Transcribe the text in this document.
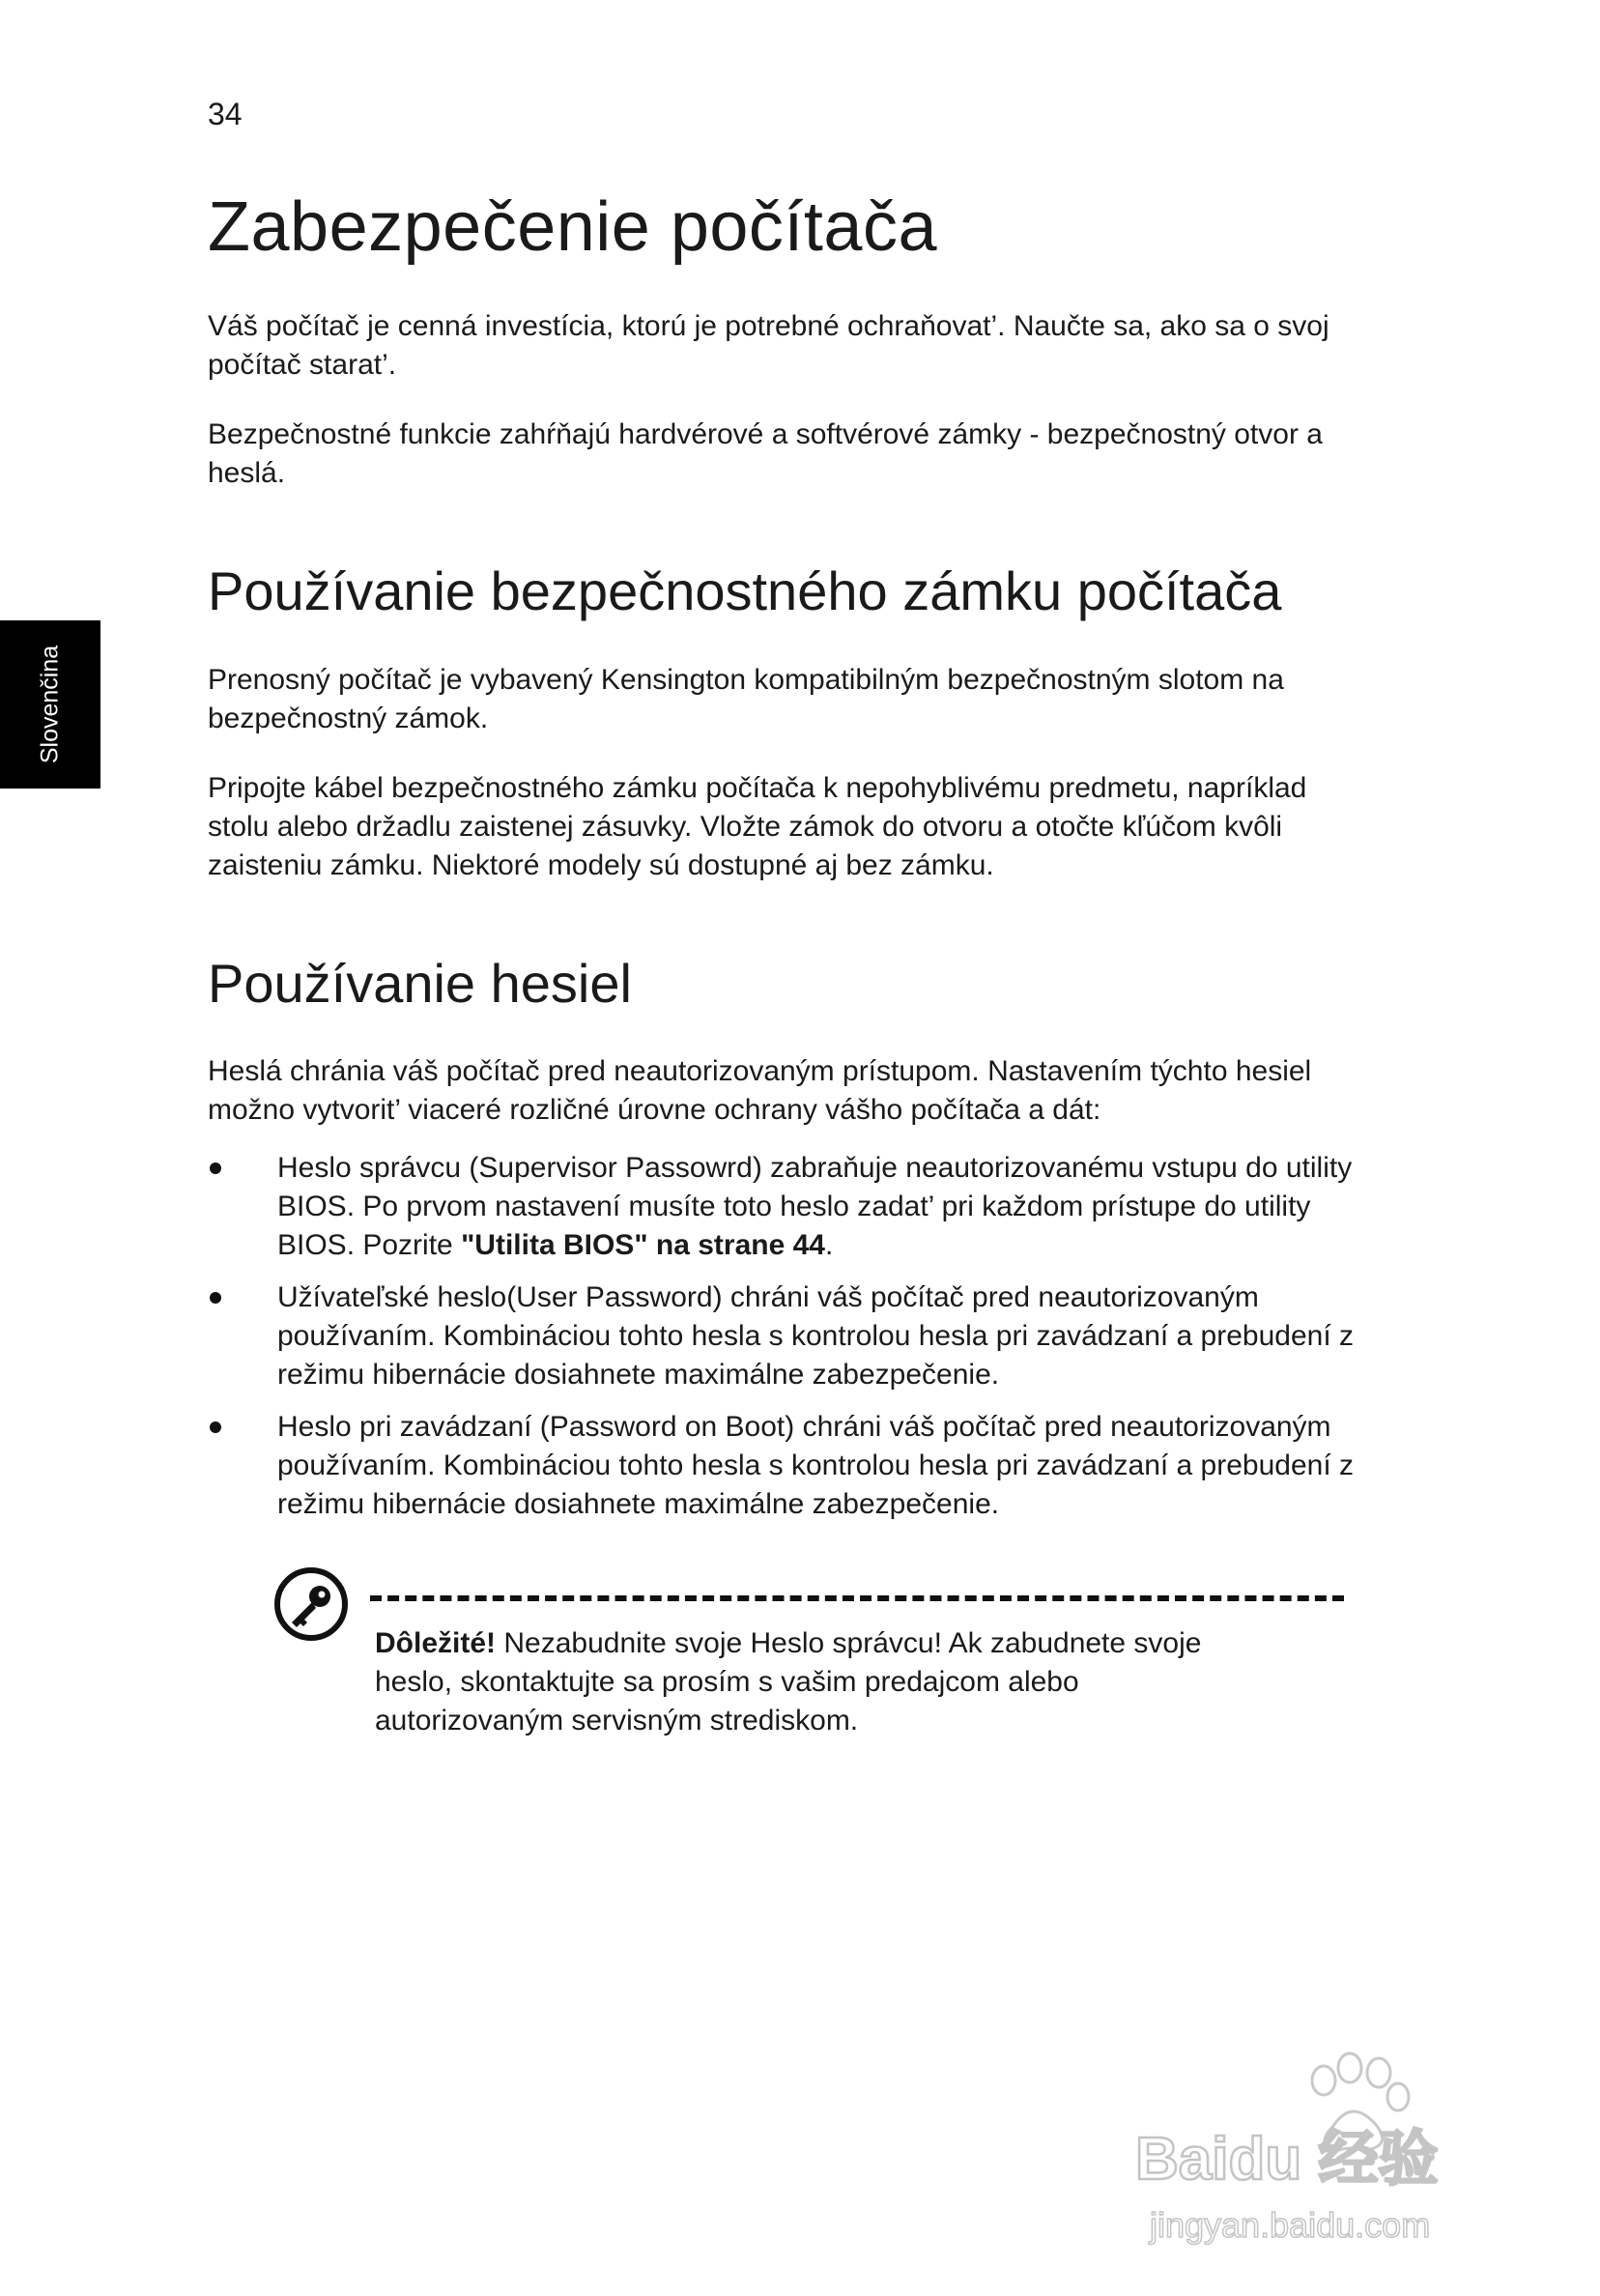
34
Slovenčina
Zabezpečenie počítača

Váš počítač je cenná investícia, ktorú je potrebné ochraňovat’. Naučte sa, ako sa o svoj počítač starat’.

Bezpečnostné funkcie zahŕňajú hardvérové a softvérové zámky - bezpečnostný otvor a heslá.

Používanie bezpečnostného zámku počítača

Prenosný počítač je vybavený Kensington kompatibilným bezpečnostným slotom na bezpečnostný zámok.

Pripojte kábel bezpečnostného zámku počítača k nepohyblivému predmetu, napríklad stolu alebo držadlu zaistenej zásuvky. Vložte zámok do otvoru a otočte kľúčom kvôli zaisteniu zámku. Niektoré modely sú dostupné aj bez zámku.

Používanie hesiel

Heslá chránia váš počítač pred neautorizovaným prístupom. Nastavením týchto hesiel možno vytvorit’ viaceré rozličné úrovne ochrany vášho počítača a dát:

Heslo správcu (Supervisor Passowrd) zabraňuje neautorizovanému vstupu do utility BIOS. Po prvom nastavení musíte toto heslo zadat’ pri každom prístupe do utility BIOS. Pozrite "Utilita BIOS" na strane 44.
Užívateľské heslo(User Password) chráni váš počítač pred neautorizovaným používaním. Kombináciou tohto hesla s kontrolou hesla pri zavádzaní a prebudení z režimu hibernácie dosiahnete maximálne zabezpečenie.
Heslo pri zavádzaní (Password on Boot) chráni váš počítač pred neautorizovaným používaním. Kombináciou tohto hesla s kontrolou hesla pri zavádzaní a prebudení z režimu hibernácie dosiahnete maximálne zabezpečenie.
Dôležité! Nezabudnite svoje Heslo správcu! Ak zabudnete svoje heslo, skontaktujte sa prosím s vašim predajcom alebo autorizovaným servisným strediskom.
Baidu 经验
jingyan.baidu.com
